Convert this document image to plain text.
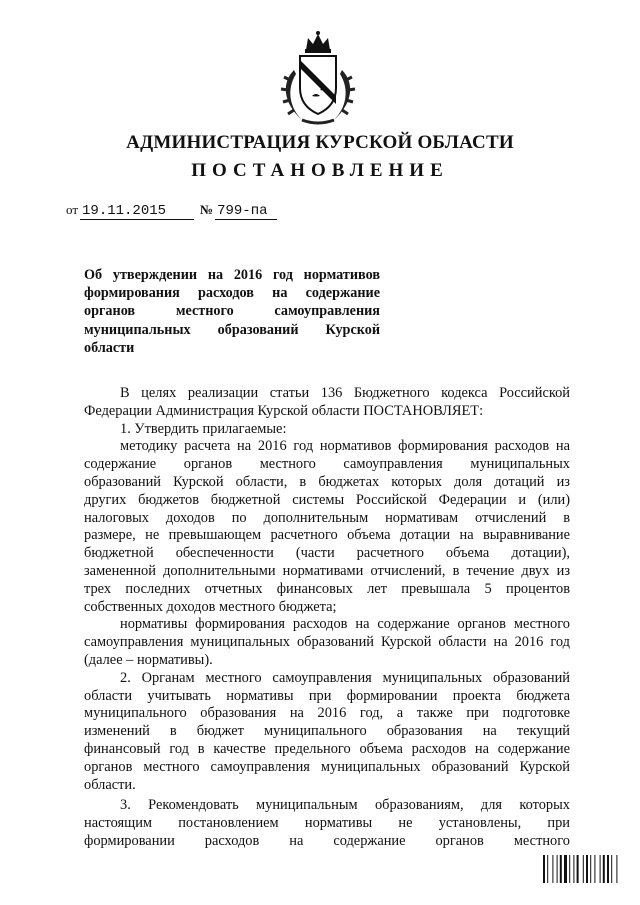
АДМИНИСТРАЦИЯ КУРСКОЙ ОБЛАСТИ
ПОСТАНОВЛЕНИЕ
от 19.11.2015	№ 799-па
Об утверждении на 2016 год нормативов
формирования расходов на содержание
органов местного самоуправления
муниципальных образований Курской
области
В целях реализации статьи 136 Бюджетного кодекса Российской
Федерации Администрация Курской области ПОСТАНОВЛЯЕТ:
1. Утвердить прилагаемые:
методику расчета на 2016 год нормативов формирования расходов на
содержание органов местного самоуправления муниципальных
образований Курской области, в бюджетах которых доля дотаций из
других бюджетов бюджетной системы Российской Федерации и (или)
налоговых доходов по дополнительным нормативам отчислений в
размере, не превышающем расчетного объема дотации на выравнивание
бюджетной обеспеченности (части расчетного объема дотации),
замененной дополнительными нормативами отчислений, в течение двух из
трех последних отчетных финансовых лет превышала 5 процентов
собственных доходов местного бюджета;
нормативы формирования расходов на содержание органов местного
самоуправления муниципальных образований Курской области на 2016 год
(далее – нормативы).
2. Органам местного самоуправления муниципальных образований
области учитывать нормативы при формировании проекта бюджета
муниципального образования на 2016 год, а также при подготовке
изменений в бюджет муниципального образования на текущий
финансовый год в качестве предельного объема расходов на содержание
органов местного самоуправления муниципальных образований Курской
области.
3. Рекомендовать муниципальным образованиям, для которых
настоящим постановлением нормативы не установлены, при
формировании расходов на содержание органов местного
